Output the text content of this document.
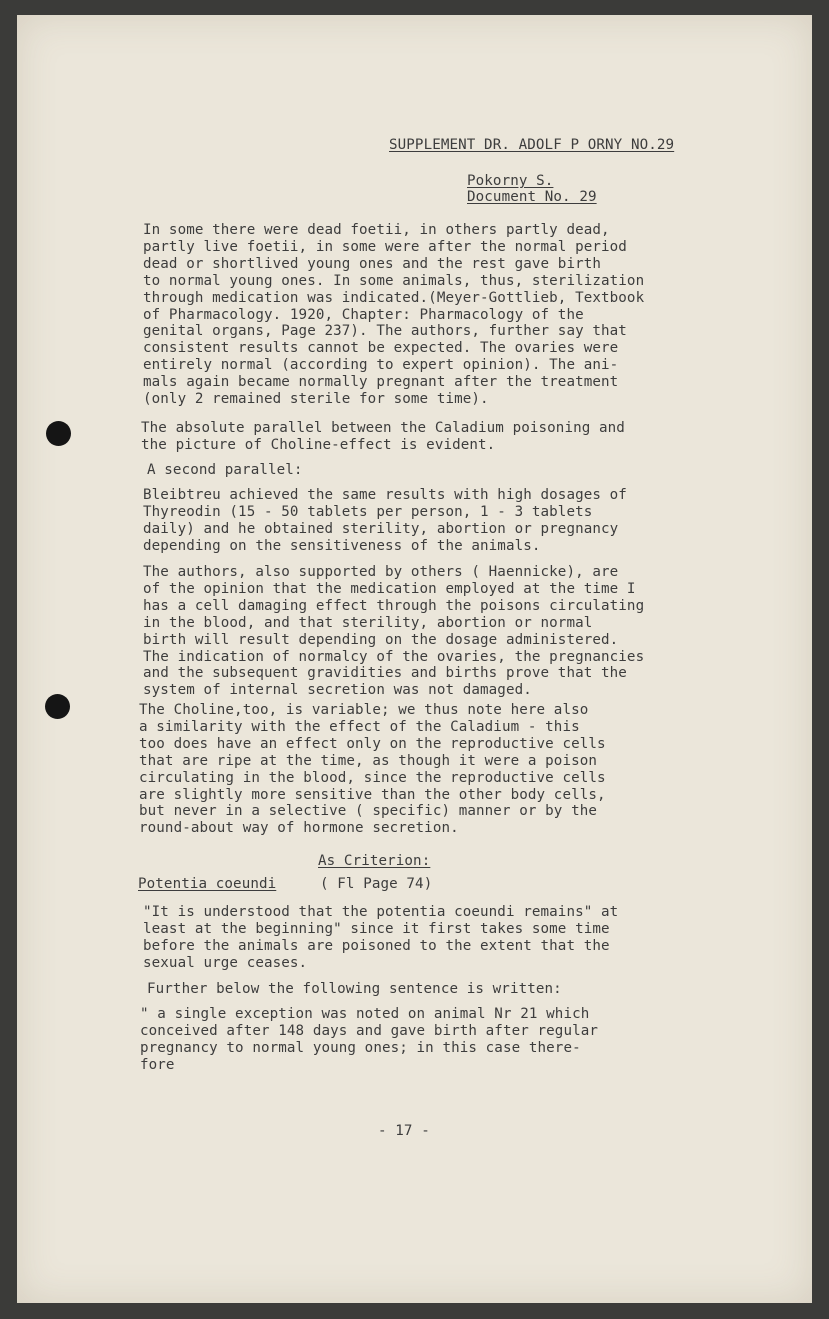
SUPPLEMENT DR. ADOLF P ORNY NO.29
Pokorny S.
Document No. 29
In some there were dead foetii, in others partly dead,
partly live foetii, in some were after the normal period
dead or shortlived young ones and the rest gave birth
to normal young ones. In some animals, thus, sterilization
through medication was indicated.(Meyer-Gottlieb, Textbook
of Pharmacology. 1920, Chapter: Pharmacology of the
genital organs, Page 237). The authors, further say that
consistent results cannot be expected. The ovaries were
entirely normal (according to expert opinion). The ani-
mals again became normally pregnant after the treatment
(only 2 remained sterile for some time).
The absolute parallel between the Caladium poisoning and
the picture of Choline-effect is evident.
A second parallel:
Bleibtreu achieved the same results with high dosages of
Thyreodin (15 - 50 tablets per person, 1 - 3 tablets
daily) and he obtained sterility, abortion or pregnancy
depending on the sensitiveness of the animals.
The authors, also supported by others ( Haennicke), are
of the opinion that the medication employed at the time I
has a cell damaging effect through the poisons circulating
in the blood, and that sterility, abortion or normal
birth will result depending on the dosage administered.
The indication of normalcy of the ovaries, the pregnancies
and the subsequent gravidities and births prove that the
system of internal secretion was not damaged.
The Choline,too, is variable; we thus note here also
a similarity with the effect of the Caladium - this
too does have an effect only on the reproductive cells
that are ripe at the time, as though it were a poison
circulating in the blood, since the reproductive cells
are slightly more sensitive than the other body cells,
but never in a selective ( specific) manner or by the
round-about way of hormone secretion.
As Criterion:
Potentia coeundi	( Fl Page 74)
"It is understood that the potentia coeundi remains" at
least at the beginning" since it first takes some time
before the animals are poisoned to the extent that the
sexual urge ceases.
Further below the following sentence is written:
" a single exception was noted on animal Nr 21 which
conceived after 148 days and gave birth after regular
pregnancy to normal young ones; in this case there-
fore
- 17 -
